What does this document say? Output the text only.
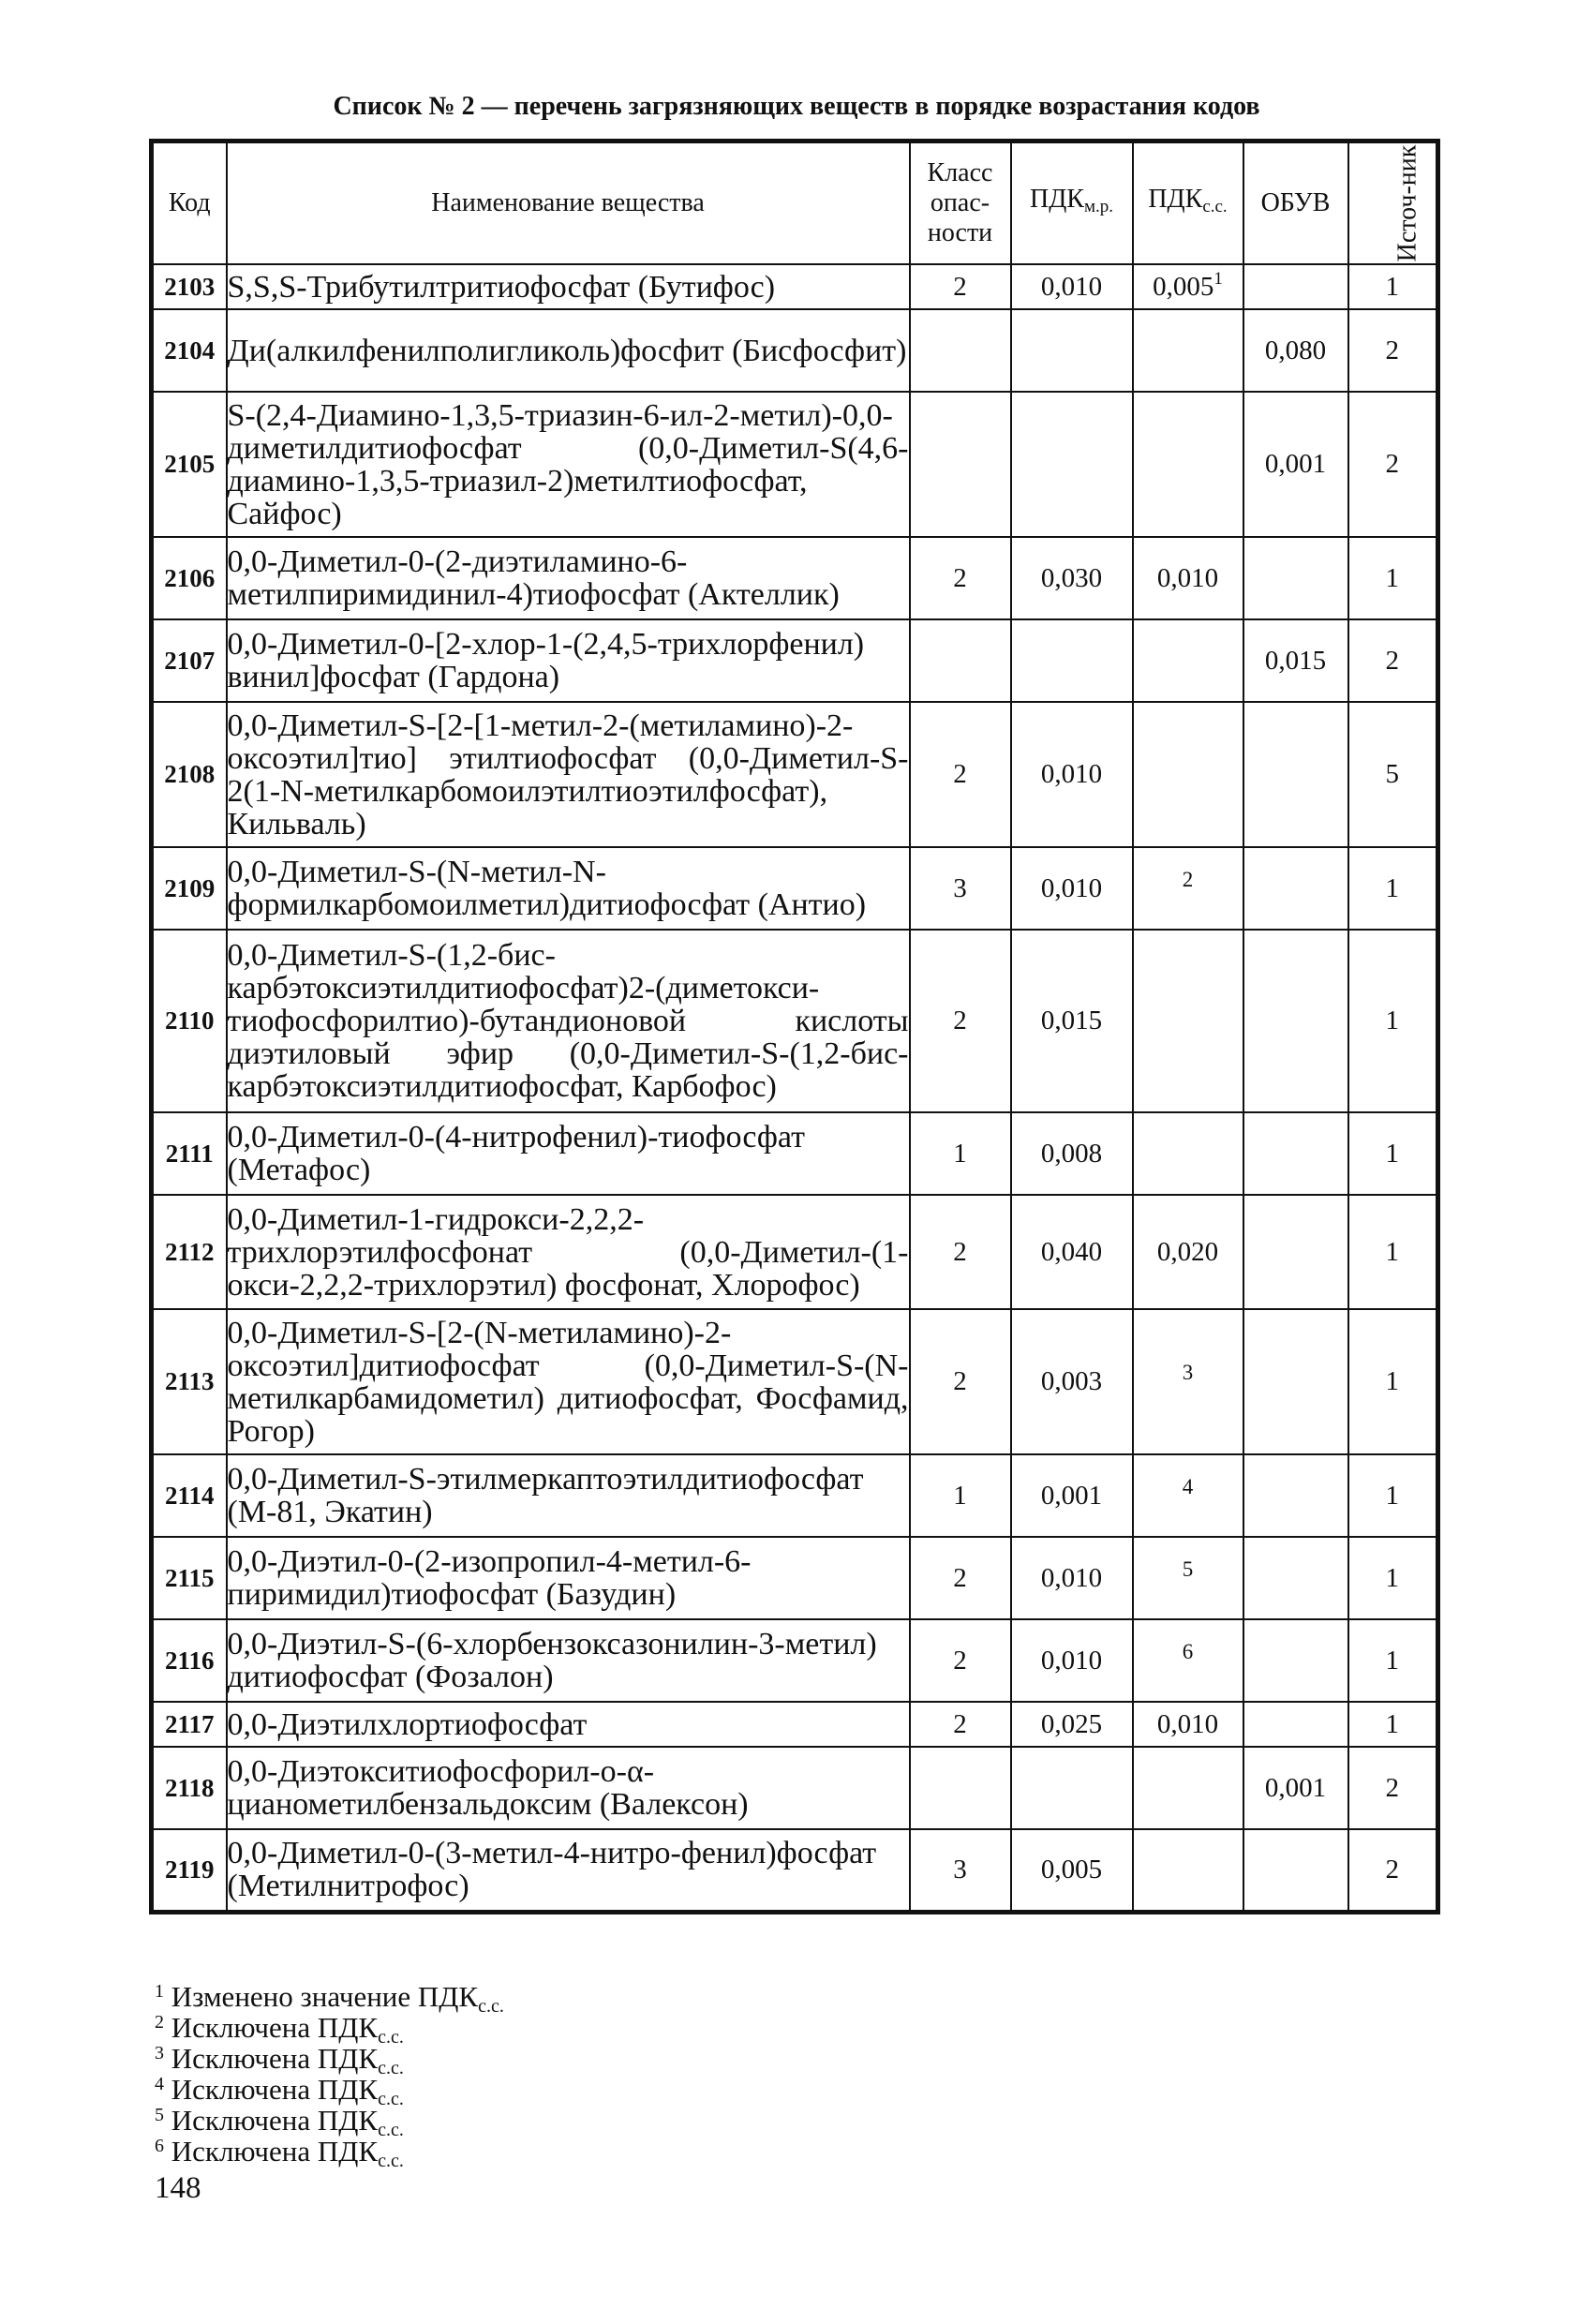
Список № 2 — перечень загрязняющих веществ в порядке возрастания кодов
Код	Наименование вещества	Класс опас-ности	$ПДК_{м.р.}$	$ПДК_{с.с.}$	ОБУВ	Источ-ник
2103	S,S,S-Трибутилтритиофосфат (Бутифос)	2	0,010	0,005$^1$		1
2104	Ди(алкилфенилполигликоль)фосфит (Бисфосфит)				0,080	2
2105	S-(2,4-Диамино-1,3,5-триазин-6-ил-2-метил)-0,0-диметилдитиофосфат (0,0-Диметил-S(4,6-диамино-1,3,5-триазил-2)метилтиофосфат, Сайфос)				0,001	2
2106	0,0-Диметил-0-(2-диэтиламино-6-метилпиримидинил-4)тиофосфат (Актеллик)	2	0,030	0,010		1
2107	0,0-Диметил-0-[2-хлор-1-(2,4,5-трихлорфенил) винил]фосфат (Гардона)				0,015	2
2108	0,0-Диметил-S-[2-[1-метил-2-(метиламино)-2-оксоэтил]тио] этилтиофосфат (0,0-Диметил-S-2(1-N-метилкарбомоилэтилтиоэтилфосфат), Кильваль)	2	0,010			5
2109	0,0-Диметил-S-(N-метил-N-формилкарбомоилметил)дитиофосфат (Антио)	3	0,010	2		1
2110	0,0-Диметил-S-(1,2-бис-карбэтоксиэтилдитиофосфат)2-(диметокси-тиофосфорилтио)-бутандионовой кислоты диэтиловый эфир (0,0-Диметил-S-(1,2-бис-карбэтоксиэтилдитиофосфат, Карбофос)	2	0,015			1
2111	0,0-Диметил-0-(4-нитрофенил)-тиофосфат (Метафос)	1	0,008			1
2112	0,0-Диметил-1-гидрокси-2,2,2-трихлорэтилфосфонат (0,0-Диметил-(1-окси-2,2,2-трихлорэтил) фосфонат, Хлорофос)	2	0,040	0,020		1
2113	0,0-Диметил-S-[2-(N-метиламино)-2-оксоэтил]дитиофосфат (0,0-Диметил-S-(N-метилкарбамидометил) дитиофосфат, Фосфамид, Рогор)	2	0,003	3		1
2114	0,0-Диметил-S-этилмеркаптоэтилдитиофосфат (М-81, Экатин)	1	0,001	4		1
2115	0,0-Диэтил-0-(2-изопропил-4-метил-6-пиримидил)тиофосфат (Базудин)	2	0,010	5		1
2116	0,0-Диэтил-S-(6-хлорбензоксазонилин-3-метил) дитиофосфат (Фозалон)	2	0,010	6		1
2117	0,0-Диэтилхлортиофосфат	2	0,025	0,010		1
2118	0,0-Диэтокситиофосфорил-о-α-цианометилбензальдоксим (Валексон)				0,001	2
2119	0,0-Диметил-0-(3-метил-4-нитро-фенил)фосфат (Метилнитрофос)	3	0,005			2
$^1$ Изменено значение $ПДК_{с.с.}$
$^2$ Исключена $ПДК_{с.с.}$
$^3$ Исключена $ПДК_{с.с.}$
$^4$ Исключена $ПДК_{с.с.}$
$^5$ Исключена $ПДК_{с.с.}$
$^6$ Исключена $ПДК_{с.с.}$
148
